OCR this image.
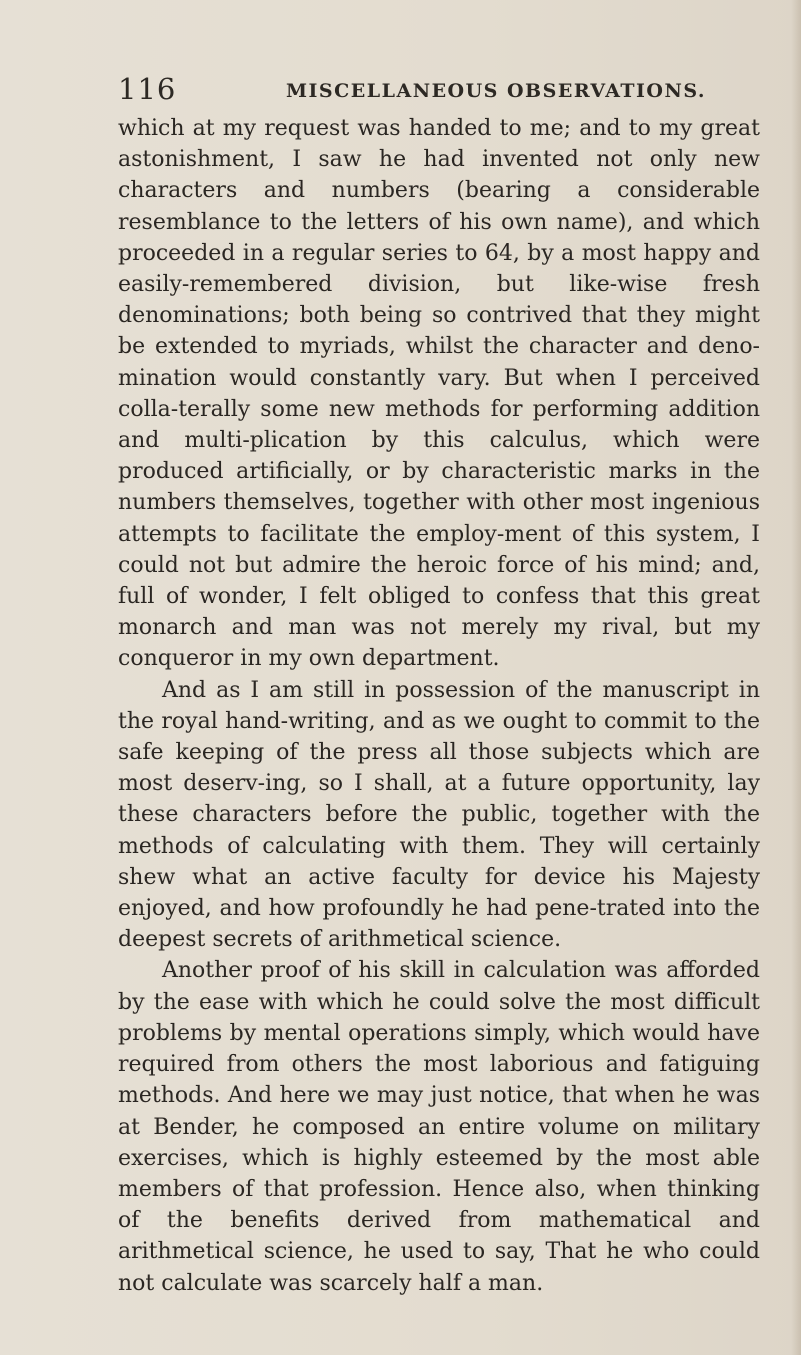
116	MISCELLANEOUS OBSERVATIONS.

which at my request was handed to me; and to my great astonishment, I saw he had invented not only new characters and numbers (bearing a considerable resemblance to the letters of his own name), and which proceeded in a regular series to 64, by a most happy and easily-remembered division, but like-wise fresh denominations; both being so contrived that they might be extended to myriads, whilst the character and deno-mination would constantly vary. But when I perceived colla-terally some new methods for performing addition and multi-plication by this calculus, which were produced artificially, or by characteristic marks in the numbers themselves, together with other most ingenious attempts to facilitate the employ-ment of this system, I could not but admire the heroic force of his mind; and, full of wonder, I felt obliged to confess that this great monarch and man was not merely my rival, but my conqueror in my own department.

And as I am still in possession of the manuscript in the royal hand-writing, and as we ought to commit to the safe keeping of the press all those subjects which are most deserv-ing, so I shall, at a future opportunity, lay these characters before the public, together with the methods of calculating with them. They will certainly shew what an active faculty for device his Majesty enjoyed, and how profoundly he had pene-trated into the deepest secrets of arithmetical science.

Another proof of his skill in calculation was afforded by the ease with which he could solve the most difficult problems by mental operations simply, which would have required from others the most laborious and fatiguing methods. And here we may just notice, that when he was at Bender, he composed an entire volume on military exercises, which is highly esteemed by the most able members of that profession. Hence also, when thinking of the benefits derived from mathematical and arithmetical science, he used to say, That he who could not calculate was scarcely half a man.
